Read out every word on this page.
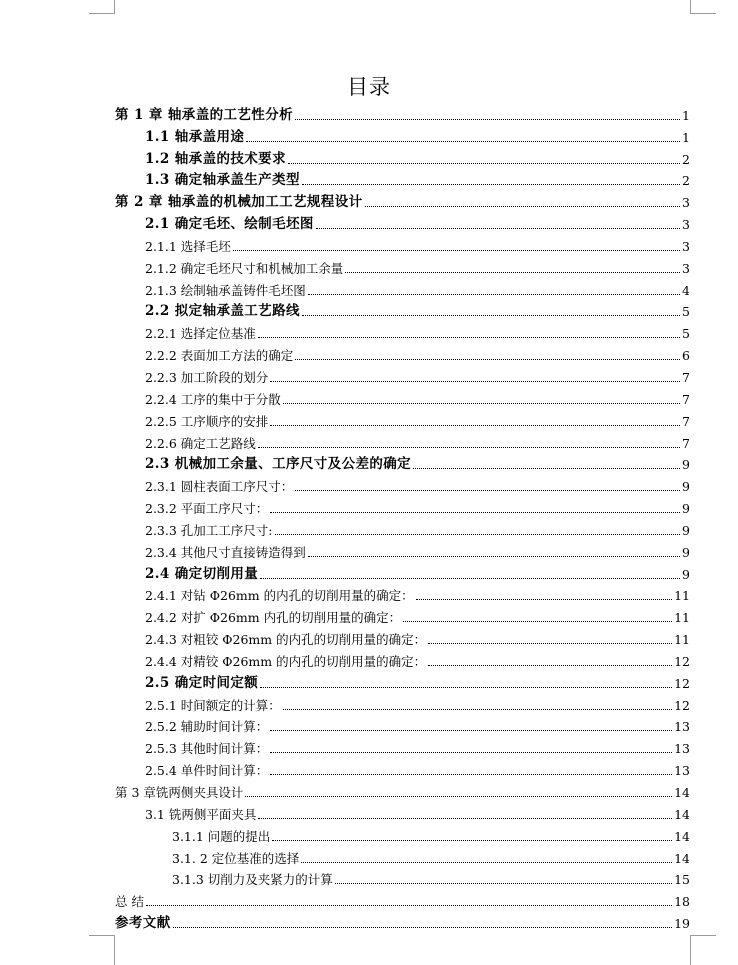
目录
第 1 章 轴承盖的工艺性分析	1
1.1 轴承盖用途	1
1.2 轴承盖的技术要求	2
1.3 确定轴承盖生产类型	2
第 2 章 轴承盖的机械加工工艺规程设计	3
2.1 确定毛坯、绘制毛坯图	3
2.1.1 选择毛坯	3
2.1.2 确定毛坯尺寸和机械加工余量	3
2.1.3 绘制轴承盖铸件毛坯图	4
2.2 拟定轴承盖工艺路线	5
2.2.1 选择定位基准	5
2.2.2 表面加工方法的确定	6
2.2.3 加工阶段的划分	7
2.2.4 工序的集中于分散	7
2.2.5 工序顺序的安排	7
2.2.6 确定工艺路线	7
2.3 机械加工余量、工序尺寸及公差的确定	9
2.3.1 圆柱表面工序尺寸：	9
2.3.2 平面工序尺寸：	9
2.3.3 孔加工工序尺寸:	9
2.3.4 其他尺寸直接铸造得到	9
2.4 确定切削用量	9
2.4.1 对钻 Φ26mm 的内孔的切削用量的确定：	11
2.4.2 对扩 Φ26mm 内孔的切削用量的确定：	11
2.4.3 对粗铰 Φ26mm 的内孔的切削用量的确定：	11
2.4.4 对精铰 Φ26mm 的内孔的切削用量的确定：	12
2.5 确定时间定额	12
2.5.1 时间额定的计算：	12
2.5.2 辅助时间计算：	13
2.5.3 其他时间计算：	13
2.5.4 单件时间计算：	13
第 3 章铣两侧夹具设计	14
3.1 铣两侧平面夹具	14
3.1.1 问题的提出	14
3.1. 2 定位基准的选择	14
3.1.3 切削力及夹紧力的计算	15
总 结	18
参考文献	19
